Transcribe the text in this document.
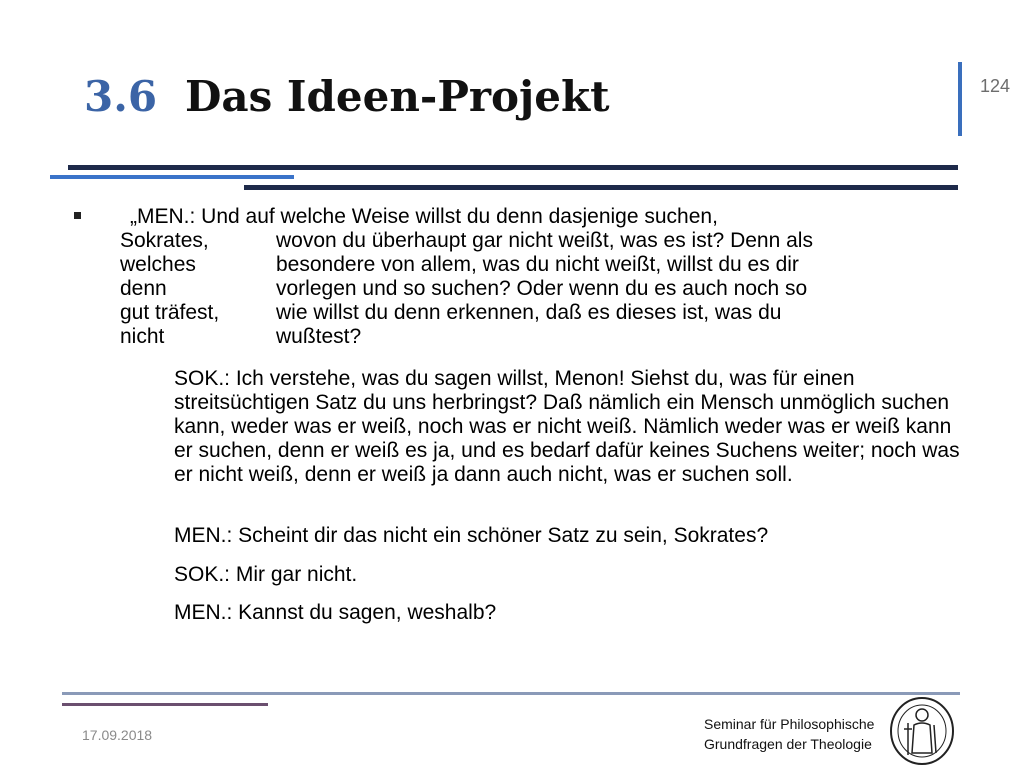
3.6 Das Ideen-Projekt	124
„MEN.: Und auf welche Weise willst du denn dasjenige suchen,
Sokrates,	wovon du überhaupt gar nicht weißt, was es ist? Denn als
welches	besondere von allem, was du nicht weißt, willst du es dir
denn	vorlegen und so suchen? Oder wenn du es auch noch so
gut träfest,	wie willst du denn erkennen, daß es dieses ist, was du
nicht	wußtest?
SOK.: Ich verstehe, was du sagen willst, Menon! Siehst du, was für einen streitsüchtigen Satz du uns herbringst? Daß nämlich ein Mensch unmöglich suchen kann, weder was er weiß, noch was er nicht weiß. Nämlich weder was er weiß kann er suchen, denn er weiß es ja, und es bedarf dafür keines Suchens weiter; noch was er nicht weiß, denn er weiß ja dann auch nicht, was er suchen soll.
MEN.: Scheint dir das nicht ein schöner Satz zu sein, Sokrates?
SOK.: Mir gar nicht.
MEN.: Kannst du sagen, weshalb?
17.09.2018
Seminar für Philosophische
Grundfragen der Theologie
